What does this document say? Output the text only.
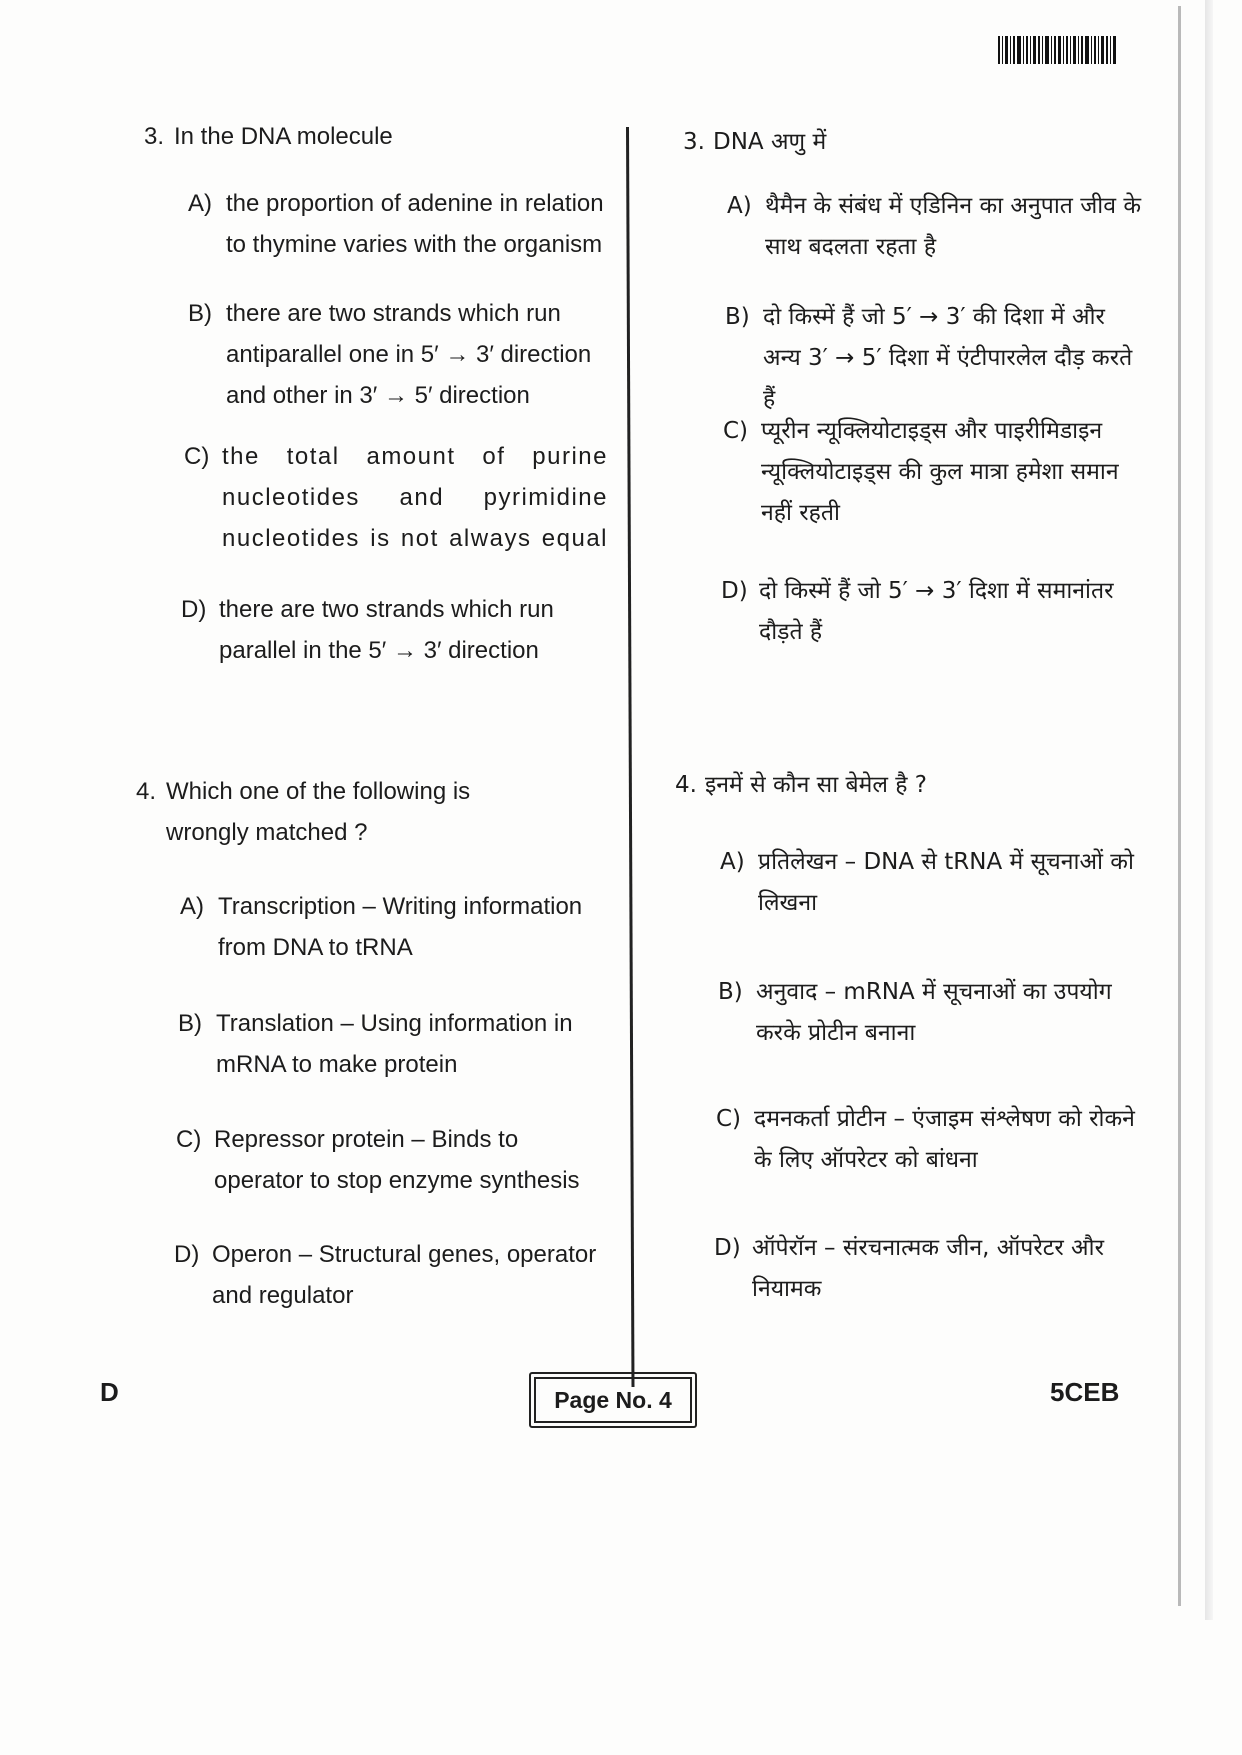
3. In the DNA molecule
A) the proportion of adenine in relation to thymine varies with the organism
B) there are two strands which run antiparallel one in 5′ → 3′ direction and other in 3′ → 5′ direction
C) the total amount of purine nucleotides and pyrimidine nucleotides is not always equal
D) there are two strands which run parallel in the 5′ → 3′ direction
4. Which one of the following is wrongly matched ?
A) Transcription – Writing information from DNA to tRNA
B) Translation – Using information in mRNA to make protein
C) Repressor protein – Binds to operator to stop enzyme synthesis
D) Operon – Structural genes, operator and regulator
3. DNA अणु में
A) थैमैन के संबंध में एडिनिन का अनुपात जीव के साथ बदलता रहता है
B) दो किस्में हैं जो 5′ → 3′ की दिशा में और अन्य 3′ → 5′ दिशा में एंटीपारलेल दौड़ करते हैं
C) प्यूरीन न्यूक्लियोटाइड्स और पाइरीमिडाइन न्यूक्लियोटाइड्स की कुल मात्रा हमेशा समान नहीं रहती
D) दो किस्में हैं जो 5′ → 3′ दिशा में समानांतर दौड़ते हैं
4. इनमें से कौन सा बेमेल है ?
A) प्रतिलेखन – DNA से tRNA में सूचनाओं को लिखना
B) अनुवाद – mRNA में सूचनाओं का उपयोग करके प्रोटीन बनाना
C) दमनकर्ता प्रोटीन – एंजाइम संश्लेषण को रोकने के लिए ऑपरेटर को बांधना
D) ऑपेरॉन – संरचनात्मक जीन, ऑपरेटर और नियामक
D	Page No. 4	5CEB
